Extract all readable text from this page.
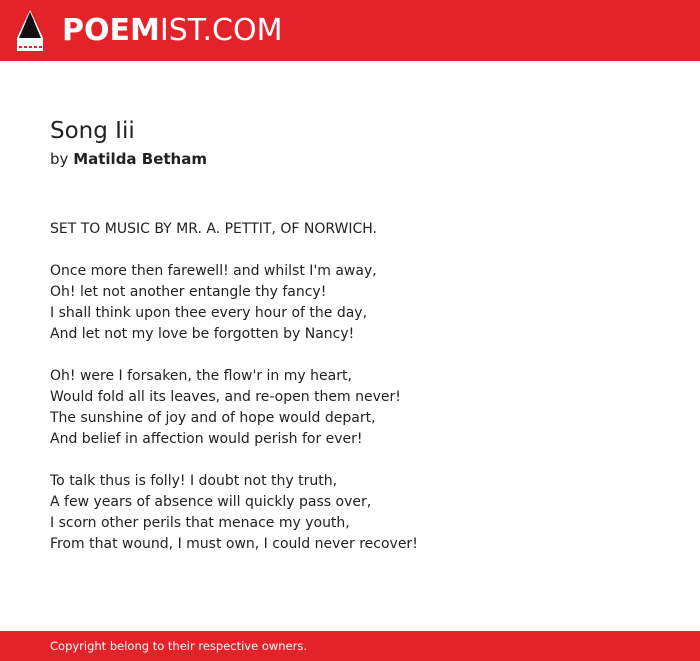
POEMIST.COM
Song Iii
by Matilda Betham
SET TO MUSIC BY MR. A. PETTIT, OF NORWICH.
Once more then farewell! and whilst I'm away,
Oh! let not another entangle thy fancy!
I shall think upon thee every hour of the day,
And let not my love be forgotten by Nancy!
Oh! were I forsaken, the flow'r in my heart,
Would fold all its leaves, and re-open them never!
The sunshine of joy and of hope would depart,
And belief in affection would perish for ever!
To talk thus is folly! I doubt not thy truth,
A few years of absence will quickly pass over,
I scorn other perils that menace my youth,
From that wound, I must own, I could never recover!
Copyright belong to their respective owners.
